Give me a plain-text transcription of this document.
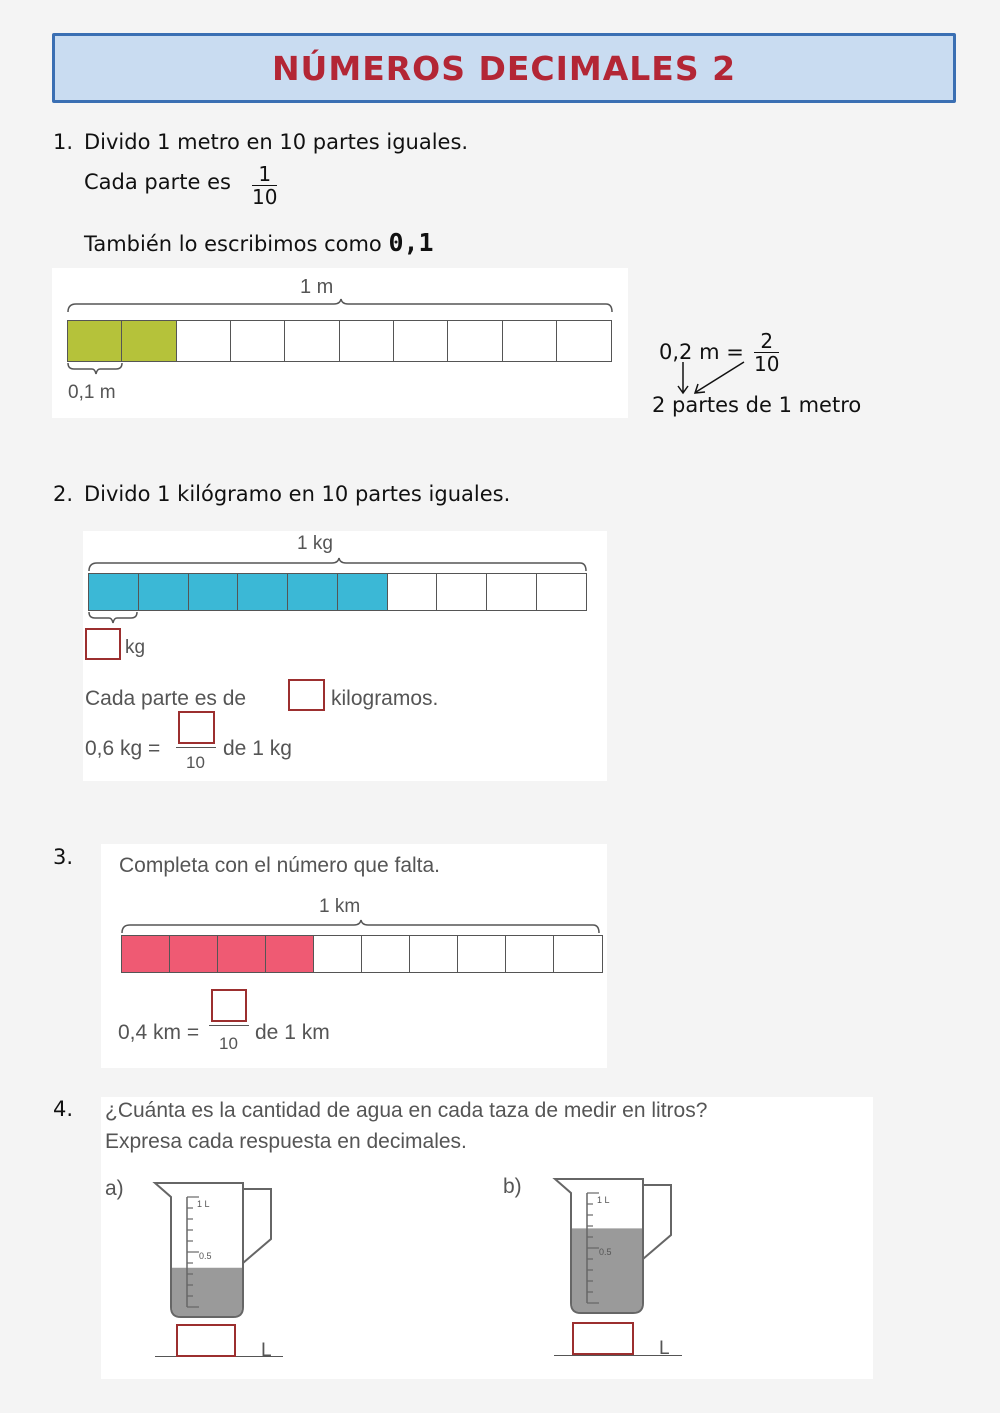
NÚMEROS DECIMALES 2
1. Divido 1 metro en 10 partes iguales.
Cada parte es 1
10
También lo escribimos como 0,1
1 m
0,1 m
0,2 m = 2
10
2 partes de 1 metro
2. Divido 1 kilógramo en 10 partes iguales.
1 kg
kg
Cada parte es de	kilogramos.
0,6 kg =
10
de 1 kg
3. Completa con el número que falta.
1 km
0,4 km = 10 de 1 km
4. ¿Cuánta es la cantidad de agua en cada taza de medir en litros?
Expresa cada respuesta en decimales.
a)
1 L
0.5
L
b)
1 L
0.5
L
